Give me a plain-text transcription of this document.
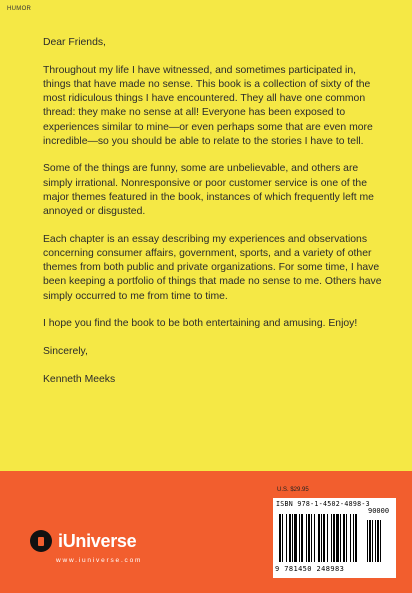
HUMOR

Dear Friends,

Throughout my life I have witnessed, and sometimes participated in, things that have made no sense. This book is a collection of sixty of the most ridiculous things I have encountered. They all have one common thread: they make no sense at all! Everyone has been exposed to experiences similar to mine—or even perhaps some that are even more incredible—so you should be able to relate to the stories I have to tell.

Some of the things are funny, some are unbelievable, and others are simply irrational. Nonresponsive or poor customer service is one of the major themes featured in the book, instances of which frequently left me annoyed or disgusted.

Each chapter is an essay describing my experiences and observations concerning consumer affairs, government, sports, and a variety of other themes from both public and private organizations. For some time, I have been keeping a portfolio of things that made no sense to me. Others have simply occurred to me from time to time.

I hope you find the book to be both entertaining and amusing. Enjoy!

Sincerely,

Kenneth Meeks

iUniverse
www.iuniverse.com
U.S. $29.95
ISBN 978-1-4502-4898-3
90000
9 781450 248983
